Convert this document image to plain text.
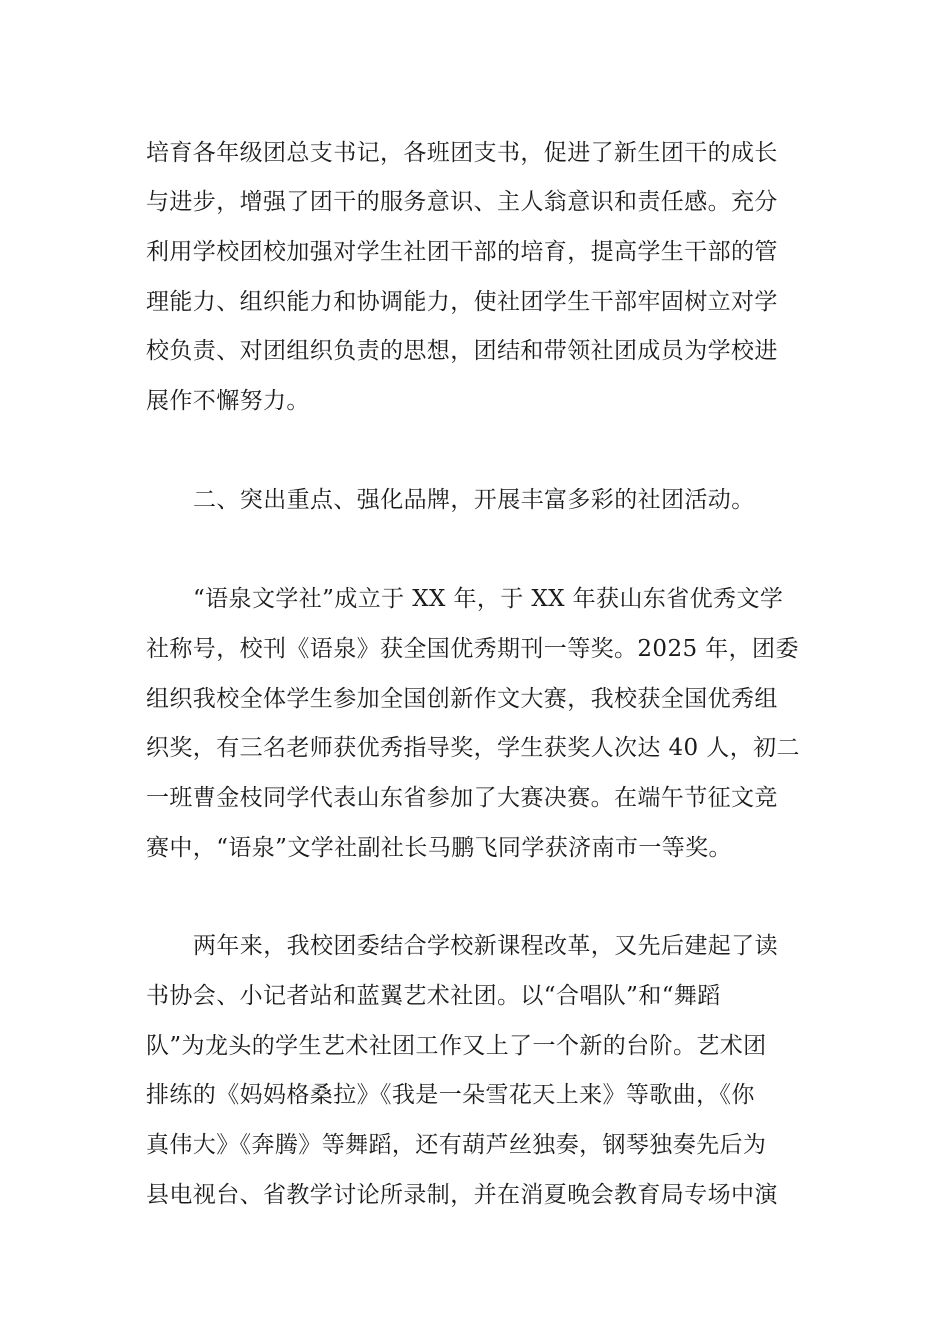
培育各年级团总支书记，各班团支书，促进了新生团干的成长
与进步，增强了团干的服务意识、主人翁意识和责任感。充分
利用学校团校加强对学生社团干部的培育，提高学生干部的管
理能力、组织能力和协调能力，使社团学生干部牢固树立对学
校负责、对团组织负责的思想，团结和带领社团成员为学校进
展作不懈努力。
二、突出重点、强化品牌，开展丰富多彩的社团活动。
“语泉文学社”成立于 XX 年，于 XX 年获山东省优秀文学
社称号，校刊《语泉》获全国优秀期刊一等奖。2025 年，团委
组织我校全体学生参加全国创新作文大赛，我校获全国优秀组
织奖，有三名老师获优秀指导奖，学生获奖人次达 40 人，初二
一班曹金枝同学代表山东省参加了大赛决赛。在端午节征文竞
赛中，“语泉”文学社副社长马鹏飞同学获济南市一等奖。
两年来，我校团委结合学校新课程改革，又先后建起了读
书协会、小记者站和蓝翼艺术社团。以“合唱队”和“舞蹈
队”为龙头的学生艺术社团工作又上了一个新的台阶。艺术团
排练的《妈妈格桑拉》《我是一朵雪花天上来》等歌曲，《你
真伟大》《奔腾》等舞蹈，还有葫芦丝独奏，钢琴独奏先后为
县电视台、省教学讨论所录制，并在消夏晚会教育局专场中演
